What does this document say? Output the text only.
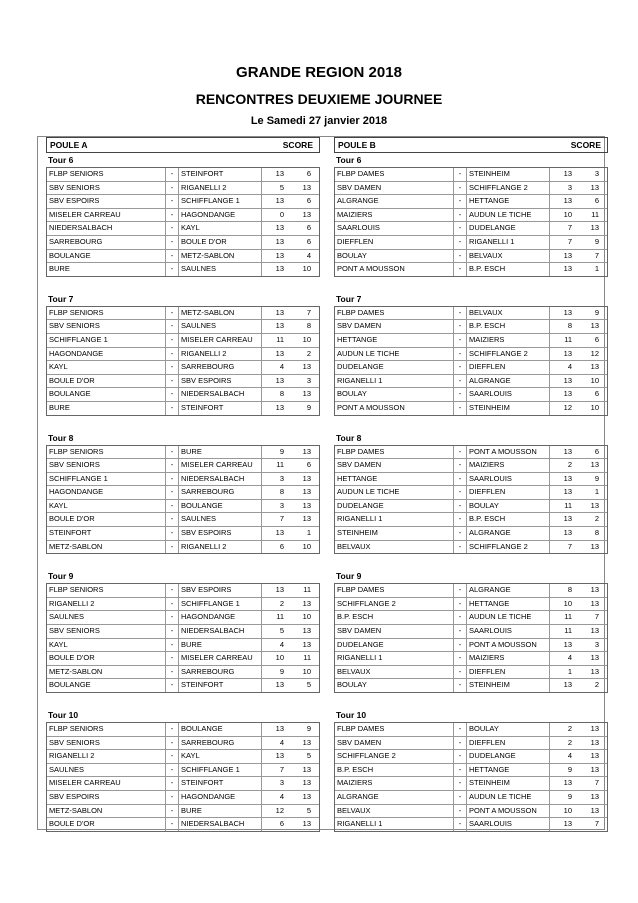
GRANDE REGION 2018
RENCONTRES DEUXIEME JOURNEE
Le Samedi 27 janvier 2018
POULE A	SCORE
Tour 6
FLBP SENIORS	-	STEINFORT	13	6
SBV SENIORS	-	RIGANELLI 2	5	13
SBV ESPOIRS	-	SCHIFFLANGE 1	13	6
MISELER CARREAU	-	HAGONDANGE	0	13
NIEDERSALBACH	-	KAYL	13	6
SARREBOURG	-	BOULE D'OR	13	6
BOULANGE	-	METZ-SABLON	13	4
BURE	-	SAULNES	13	10
Tour 7
FLBP SENIORS	-	METZ-SABLON	13	7
SBV SENIORS	-	SAULNES	13	8
SCHIFFLANGE 1	-	MISELER CARREAU	11	10
HAGONDANGE	-	RIGANELLI 2	13	2
KAYL	-	SARREBOURG	4	13
BOULE D'OR	-	SBV ESPOIRS	13	3
BOULANGE	-	NIEDERSALBACH	8	13
BURE	-	STEINFORT	13	9
Tour 8
FLBP SENIORS	-	BURE	9	13
SBV SENIORS	-	MISELER CARREAU	11	6
SCHIFFLANGE 1	-	NIEDERSALBACH	3	13
HAGONDANGE	-	SARREBOURG	8	13
KAYL	-	BOULANGE	3	13
BOULE D'OR	-	SAULNES	7	13
STEINFORT	-	SBV ESPOIRS	13	1
METZ-SABLON	-	RIGANELLI 2	6	10
Tour 9
FLBP SENIORS	-	SBV ESPOIRS	13	11
RIGANELLI 2	-	SCHIFFLANGE 1	2	13
SAULNES	-	HAGONDANGE	11	10
SBV SENIORS	-	NIEDERSALBACH	5	13
KAYL	-	BURE	4	13
BOULE D'OR	-	MISELER CARREAU	10	11
METZ-SABLON	-	SARREBOURG	9	10
BOULANGE	-	STEINFORT	13	5
Tour 10
FLBP SENIORS	-	BOULANGE	13	9
SBV SENIORS	-	SARREBOURG	4	13
RIGANELLI 2	-	KAYL	13	5
SAULNES	-	SCHIFFLANGE 1	7	13
MISELER CARREAU	-	STEINFORT	3	13
SBV ESPOIRS	-	HAGONDANGE	4	13
METZ-SABLON	-	BURE	12	5
BOULE D'OR	-	NIEDERSALBACH	6	13
POULE B	SCORE
Tour 6
FLBP DAMES	-	STEINHEIM	13	3
SBV DAMEN	-	SCHIFFLANGE 2	3	13
ALGRANGE	-	HETTANGE	13	6
MAIZIERS	-	AUDUN LE TICHE	10	11
SAARLOUIS	-	DUDELANGE	7	13
DIEFFLEN	-	RIGANELLI 1	7	9
BOULAY	-	BELVAUX	13	7
PONT A MOUSSON	-	B.P. ESCH	13	1
Tour 7
FLBP DAMES	-	BELVAUX	13	9
SBV DAMEN	-	B.P. ESCH	8	13
HETTANGE	-	MAIZIERS	11	6
AUDUN LE TICHE	-	SCHIFFLANGE 2	13	12
DUDELANGE	-	DIEFFLEN	4	13
RIGANELLI 1	-	ALGRANGE	13	10
BOULAY	-	SAARLOUIS	13	6
PONT A MOUSSON	-	STEINHEIM	12	10
Tour 8
FLBP DAMES	-	PONT A MOUSSON	13	6
SBV DAMEN	-	MAIZIERS	2	13
HETTANGE	-	SAARLOUIS	13	9
AUDUN LE TICHE	-	DIEFFLEN	13	1
DUDELANGE	-	BOULAY	11	13
RIGANELLI 1	-	B.P. ESCH	13	2
STEINHEIM	-	ALGRANGE	13	8
BELVAUX	-	SCHIFFLANGE 2	7	13
Tour 9
FLBP DAMES	-	ALGRANGE	8	13
SCHIFFLANGE 2	-	HETTANGE	10	13
B.P. ESCH	-	AUDUN LE TICHE	11	7
SBV DAMEN	-	SAARLOUIS	11	13
DUDELANGE	-	PONT A MOUSSON	13	3
RIGANELLI 1	-	MAIZIERS	4	13
BELVAUX	-	DIEFFLEN	1	13
BOULAY	-	STEINHEIM	13	2
Tour 10
FLBP DAMES	-	BOULAY	2	13
SBV DAMEN	-	DIEFFLEN	2	13
SCHIFFLANGE 2	-	DUDELANGE	4	13
B.P. ESCH	-	HETTANGE	9	13
MAIZIERS	-	STEINHEIM	13	7
ALGRANGE	-	AUDUN LE TICHE	9	13
BELVAUX	-	PONT A MOUSSON	10	13
RIGANELLI 1	-	SAARLOUIS	13	7
